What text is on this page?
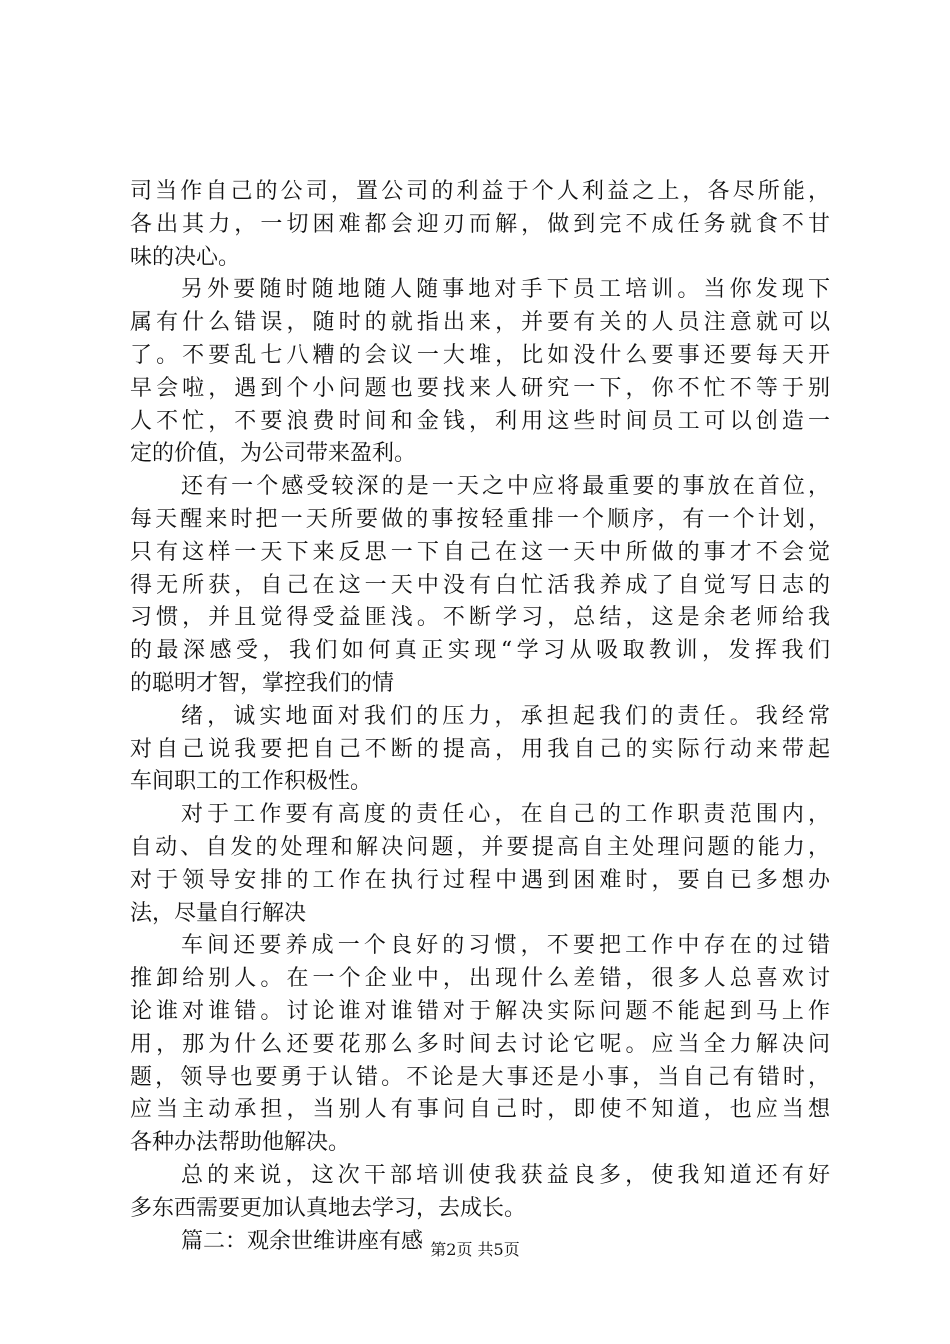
司当作自己的公司，置公司的利益于个人利益之上，各尽所能，
各出其力，一切困难都会迎刃而解，做到完不成任务就食不甘
味的决心。
另外要随时随地随人随事地对手下员工培训。当你发现下
属有什么错误，随时的就指出来，并要有关的人员注意就可以
了。不要乱七八糟的会议一大堆，比如没什么要事还要每天开
早会啦，遇到个小问题也要找来人研究一下，你不忙不等于别
人不忙，不要浪费时间和金钱，利用这些时间员工可以创造一
定的价值，为公司带来盈利。
还有一个感受较深的是一天之中应将最重要的事放在首位，
每天醒来时把一天所要做的事按轻重排一个顺序，有一个计划，
只有这样一天下来反思一下自己在这一天中所做的事才不会觉
得无所获，自己在这一天中没有白忙活我养成了自觉写日志的
习惯，并且觉得受益匪浅。不断学习，总结，这是余老师给我
的最深感受，我们如何真正实现“学习从吸取教训，发挥我们
的聪明才智，掌控我们的情
绪，诚实地面对我们的压力，承担起我们的责任。我经常
对自己说我要把自己不断的提高，用我自己的实际行动来带起
车间职工的工作积极性。
对于工作要有高度的责任心，在自己的工作职责范围内，
自动、自发的处理和解决问题，并要提高自主处理问题的能力，
对于领导安排的工作在执行过程中遇到困难时，要自已多想办
法，尽量自行解决
车间还要养成一个良好的习惯，不要把工作中存在的过错
推卸给别人。在一个企业中，出现什么差错，很多人总喜欢讨
论谁对谁错。讨论谁对谁错对于解决实际问题不能起到马上作
用，那为什么还要花那么多时间去讨论它呢。应当全力解决问
题，领导也要勇于认错。不论是大事还是小事，当自己有错时，
应当主动承担，当别人有事问自己时，即使不知道，也应当想
各种办法帮助他解决。
总的来说，这次干部培训使我获益良多，使我知道还有好
多东西需要更加认真地去学习，去成长。
篇二：观余世维讲座有感 第2页 共5页
